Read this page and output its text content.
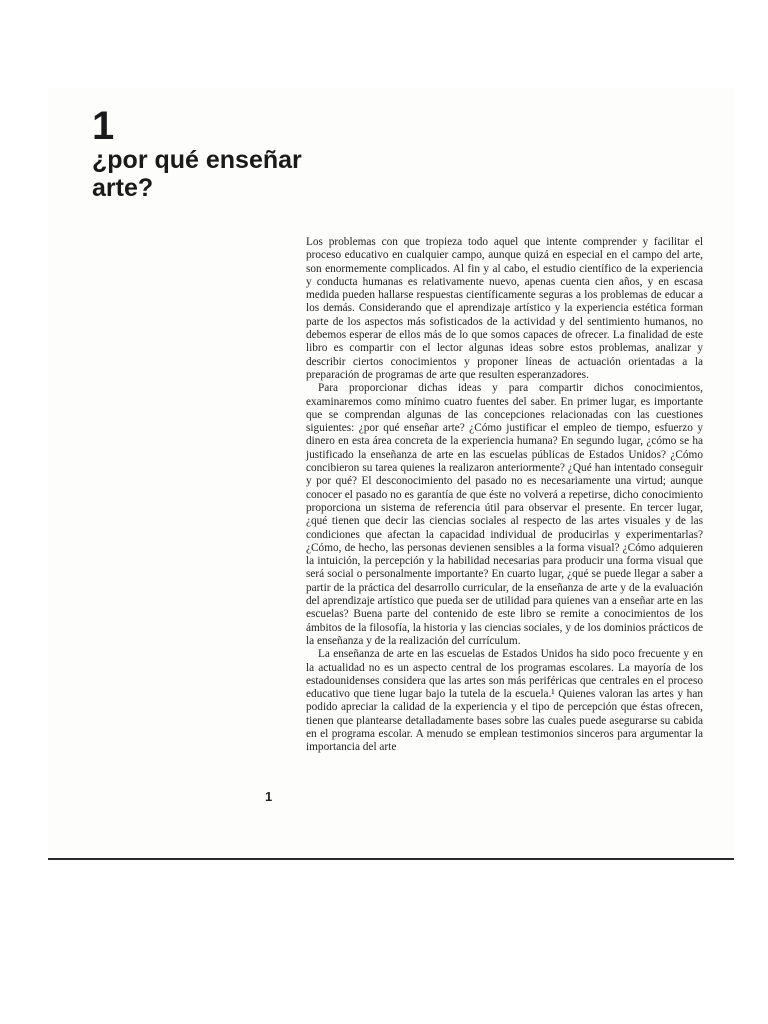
1
¿por qué enseñar arte?

Los problemas con que tropieza todo aquel que intente comprender y facilitar el proceso educativo en cualquier campo, aunque quizá en especial en el campo del arte, son enormemente complicados. Al fin y al cabo, el estudio científico de la experiencia y conducta humanas es relativamente nuevo, apenas cuenta cien años, y en escasa medida pueden hallarse respuestas científicamente seguras a los problemas de educar a los demás. Considerando que el aprendizaje artístico y la experiencia estética forman parte de los aspectos más sofisticados de la actividad y del sentimiento humanos, no debemos esperar de ellos más de lo que somos capaces de ofrecer. La finalidad de este libro es compartir con el lector algunas ideas sobre estos problemas, analizar y describir ciertos conocimientos y proponer líneas de actuación orientadas a la preparación de programas de arte que resulten esperanzadores.

Para proporcionar dichas ideas y para compartir dichos conocimientos, examinaremos como mínimo cuatro fuentes del saber. En primer lugar, es importante que se comprendan algunas de las concepciones relacionadas con las cuestiones siguientes: ¿por qué enseñar arte? ¿Cómo justificar el empleo de tiempo, esfuerzo y dinero en esta área concreta de la experiencia humana? En segundo lugar, ¿cómo se ha justificado la enseñanza de arte en las escuelas públicas de Estados Unidos? ¿Cómo concibieron su tarea quienes la realizaron anteriormente? ¿Qué han intentado conseguir y por qué? El desconocimiento del pasado no es necesariamente una virtud; aunque conocer el pasado no es garantía de que éste no volverá a repetirse, dicho conocimiento proporciona un sistema de referencia útil para observar el presente. En tercer lugar, ¿qué tienen que decir las ciencias sociales al respecto de las artes visuales y de las condiciones que afectan la capacidad individual de producirlas y experimentarlas? ¿Cómo, de hecho, las personas devienen sensibles a la forma visual? ¿Cómo adquieren la intuición, la percepción y la habilidad necesarias para producir una forma visual que será social o personalmente importante? En cuarto lugar, ¿qué se puede llegar a saber a partir de la práctica del desarrollo curricular, de la enseñanza de arte y de la evaluación del aprendizaje artístico que pueda ser de utilidad para quienes van a enseñar arte en las escuelas? Buena parte del contenido de este libro se remite a conocimientos de los ámbitos de la filosofía, la historia y las ciencias sociales, y de los dominios prácticos de la enseñanza y de la realización del currículum.

La enseñanza de arte en las escuelas de Estados Unidos ha sido poco frecuente y en la actualidad no es un aspecto central de los programas escolares. La mayoría de los estadounidenses considera que las artes son más periféricas que centrales en el proceso educativo que tiene lugar bajo la tutela de la escuela.¹ Quienes valoran las artes y han podido apreciar la calidad de la experiencia y el tipo de percepción que éstas ofrecen, tienen que plantearse detalladamente bases sobre las cuales puede asegurarse su cabida en el programa escolar. A menudo se emplean testimonios sinceros para argumentar la importancia del arte

1
